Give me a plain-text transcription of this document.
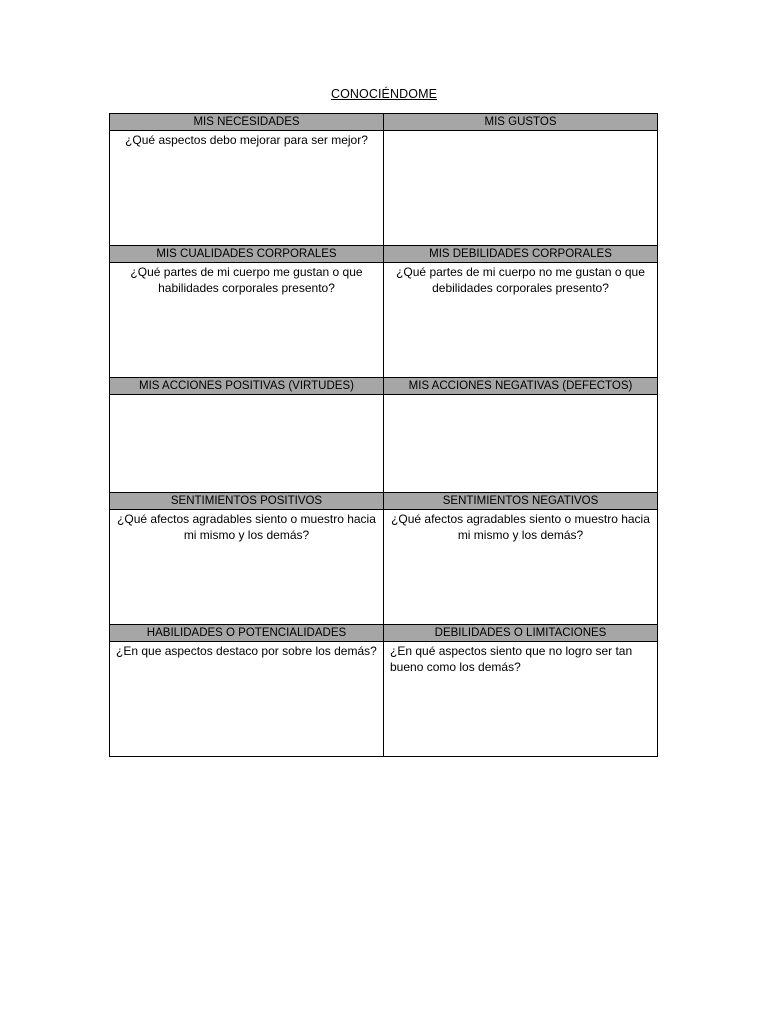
CONOCIÉNDOME
MIS NECESIDADES	MIS GUSTOS

¿Qué aspectos debo mejorar para ser mejor?	

MIS CUALIDADES CORPORALES	MIS DEBILIDADES CORPORALES

¿Qué partes de mi cuerpo me gustan o que habilidades corporales presento?	¿Qué partes de mi cuerpo no me gustan o que debilidades corporales presento?

MIS ACCIONES POSITIVAS (VIRTUDES)	MIS ACCIONES NEGATIVAS (DEFECTOS)

SENTIMIENTOS POSITIVOS	SENTIMIENTOS NEGATIVOS

¿Qué afectos agradables siento o muestro hacia mi mismo y los demás?	¿Qué afectos agradables siento o muestro hacia mi mismo y los demás?

HABILIDADES O POTENCIALIDADES	DEBILIDADES O LIMITACIONES

¿En que aspectos destaco por sobre los demás?	¿En qué aspectos siento que no logro ser tan bueno como los demás?
